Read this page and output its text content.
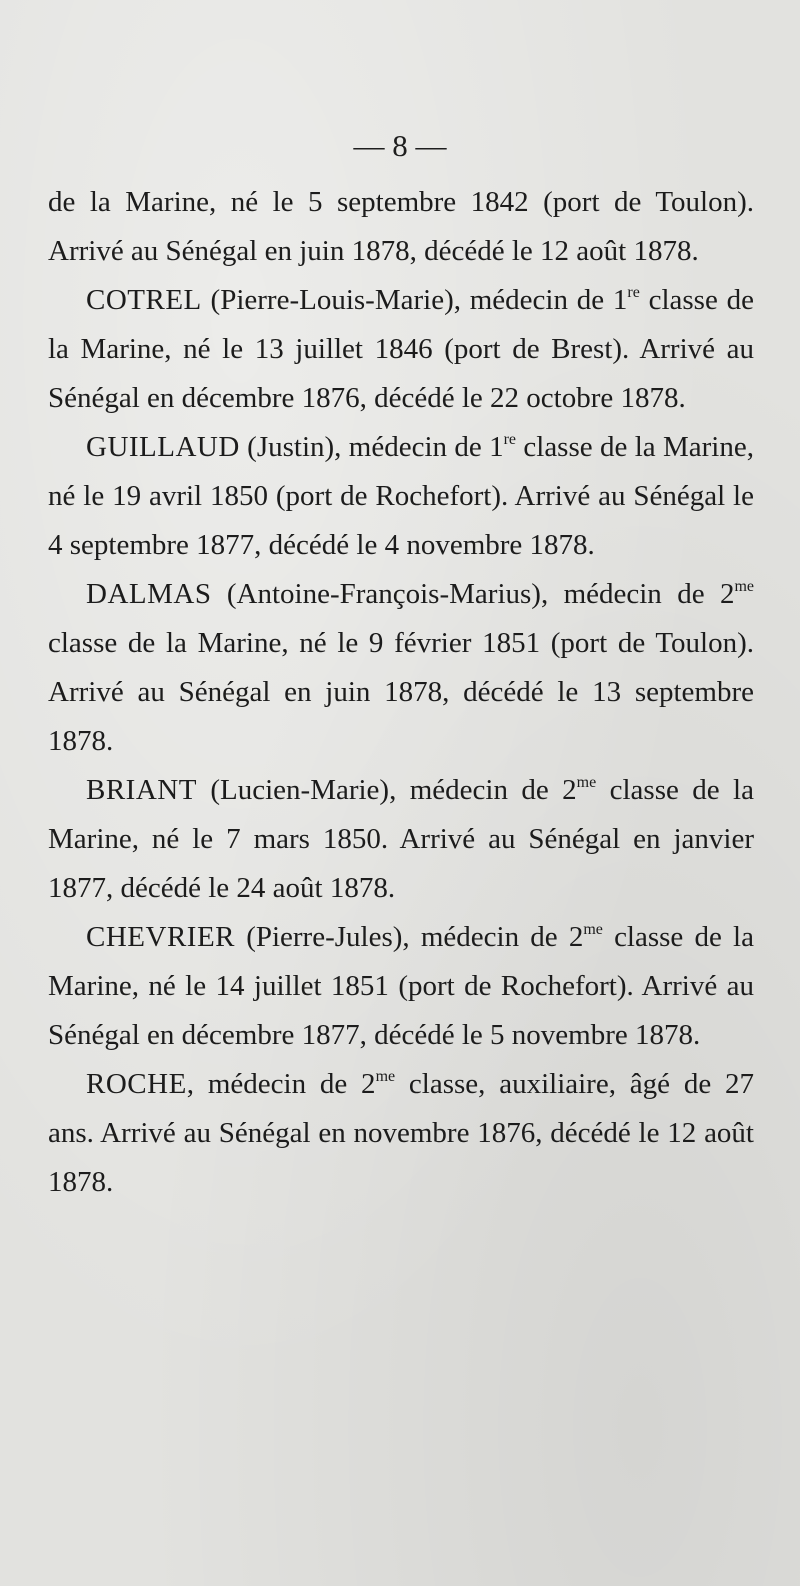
— 8 —

de la Marine, né le 5 septembre 1842 (port de Toulon). Arrivé au Sénégal en juin 1878, décédé le 12 août 1878.

COTREL (Pierre-Louis-Marie), médecin de 1re classe de la Marine, né le 13 juillet 1846 (port de Brest). Arrivé au Sénégal en décembre 1876, décédé le 22 octobre 1878.

GUILLAUD (Justin), médecin de 1re classe de la Marine, né le 19 avril 1850 (port de Rochefort). Arrivé au Sénégal le 4 septembre 1877, décédé le 4 novembre 1878.

DALMAS (Antoine-François-Marius), médecin de $2^{me}$ classe de la Marine, né le 9 février 1851 (port de Toulon). Arrivé au Sénégal en juin 1878, décédé le 13 septembre 1878.

BRIANT (Lucien-Marie), médecin de $2^{me}$ classe de la Marine, né le 7 mars 1850. Arrivé au Sénégal en janvier 1877, décédé le 24 août 1878.

CHEVRIER (Pierre-Jules), médecin de $2^{me}$ classe de la Marine, né le 14 juillet 1851 (port de Rochefort). Arrivé au Sénégal en décembre 1877, décédé le 5 novembre 1878.

ROCHE, médecin de $2^{me}$ classe, auxiliaire, âgé de 27 ans. Arrivé au Sénégal en novembre 1876, décédé le 12 août 1878.
